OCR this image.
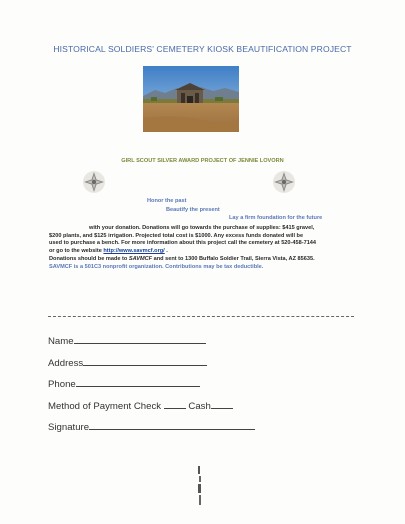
HISTORICAL SOLDIERS' CEMETERY KIOSK BEAUTIFICATION PROJECT
GIRL SCOUT SILVER AWARD PROJECT OF JENNIE LOVORN
Honor the past
Beautify the present
Lay a firm foundation for the future
with your donation. Donations will go towards the purchase of supplies: $415 gravel,
$200 plants, and $125 irrigation. Projected total cost is $1000. Any excess funds donated will be
used to purchase a bench. For more information about this project call the cemetery at 520-458-7144
or go to the website http://www.savmcf.org/ .
Donations should be made to SAVMCF and sent to 1300 Buffalo Soldier Trail, Sierra Vista, AZ 85635.
SAVMCF is a 501C3 nonprofit organization. Contributions may be tax deductible.
Name
Address
Phone
Method of Payment Check	Cash
Signature
